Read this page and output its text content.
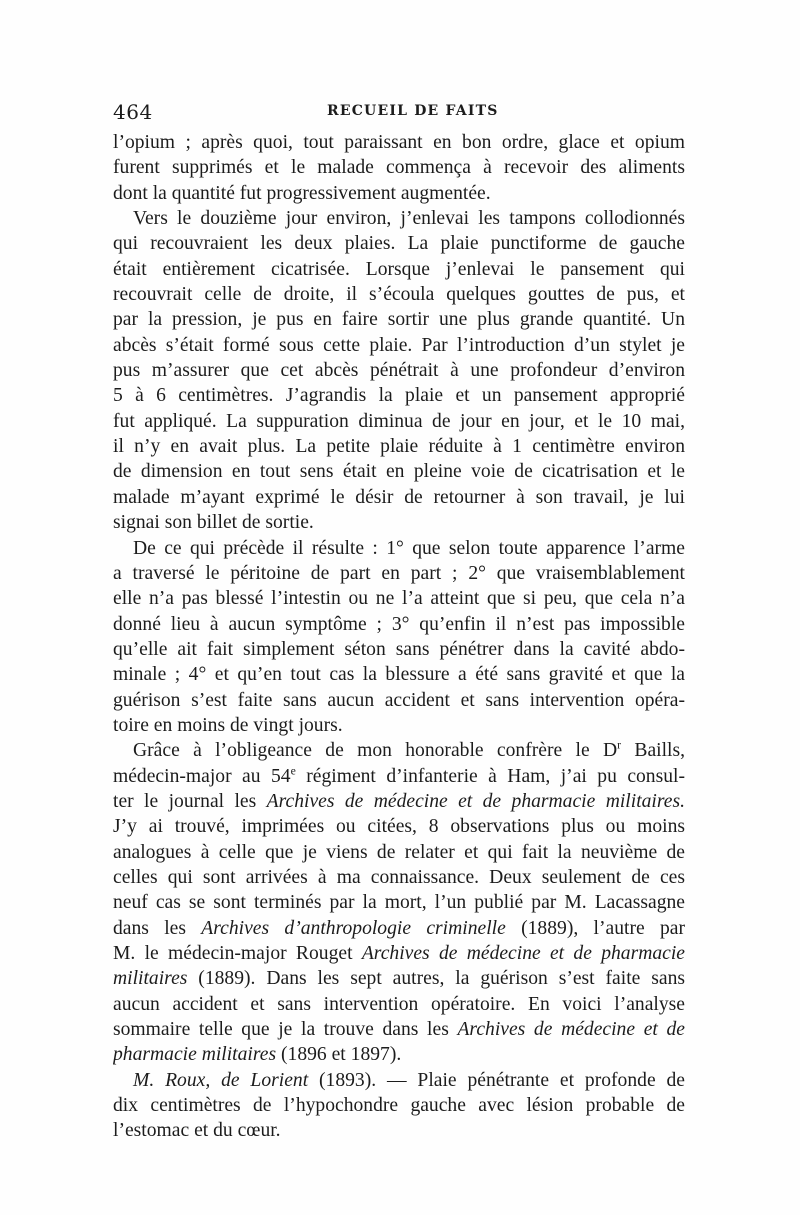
464	RECUEIL DE FAITS
l’opium ; après quoi, tout paraissant en bon ordre, glace et opium
furent supprimés et le malade commença à recevoir des aliments
dont la quantité fut progressivement augmentée.
Vers le douzième jour environ, j’enlevai les tampons collodionnés
qui recouvraient les deux plaies. La plaie punctiforme de gauche
était entièrement cicatrisée. Lorsque j’enlevai le pansement qui
recouvrait celle de droite, il s’écoula quelques gouttes de pus, et
par la pression, je pus en faire sortir une plus grande quantité. Un
abcès s’était formé sous cette plaie. Par l’introduction d’un stylet je
pus m’assurer que cet abcès pénétrait à une profondeur d’environ
5 à 6 centimètres. J’agrandis la plaie et un pansement approprié
fut appliqué. La suppuration diminua de jour en jour, et le 10 mai,
il n’y en avait plus. La petite plaie réduite à 1 centimètre environ
de dimension en tout sens était en pleine voie de cicatrisation et le
malade m’ayant exprimé le désir de retourner à son travail, je lui
signai son billet de sortie.
De ce qui précède il résulte : 1° que selon toute apparence l’arme
a traversé le péritoine de part en part ; 2° que vraisemblablement
elle n’a pas blessé l’intestin ou ne l’a atteint que si peu, que cela n’a
donné lieu à aucun symptôme ; 3° qu’enfin il n’est pas impossible
qu’elle ait fait simplement séton sans pénétrer dans la cavité abdo-
minale ; 4° et qu’en tout cas la blessure a été sans gravité et que la
guérison s’est faite sans aucun accident et sans intervention opéra-
toire en moins de vingt jours.
Grâce à l’obligeance de mon honorable confrère le $D^r$ Baills,
médecin-major au 54e régiment d’infanterie à Ham, j’ai pu consul-
ter le journal les Archives de médecine et de pharmacie militaires.
J’y ai trouvé, imprimées ou citées, 8 observations plus ou moins
analogues à celle que je viens de relater et qui fait la neuvième de
celles qui sont arrivées à ma connaissance. Deux seulement de ces
neuf cas se sont terminés par la mort, l’un publié par M. Lacassagne
dans les Archives d’anthropologie criminelle (1889), l’autre par
M. le médecin-major Rouget Archives de médecine et de pharmacie
militaires (1889). Dans les sept autres, la guérison s’est faite sans
aucun accident et sans intervention opératoire. En voici l’analyse
sommaire telle que je la trouve dans les Archives de médecine et de
pharmacie militaires (1896 et 1897).
M. Roux, de Lorient (1893). — Plaie pénétrante et profonde de
dix centimètres de l’hypochondre gauche avec lésion probable de
l’estomac et du cœur.
